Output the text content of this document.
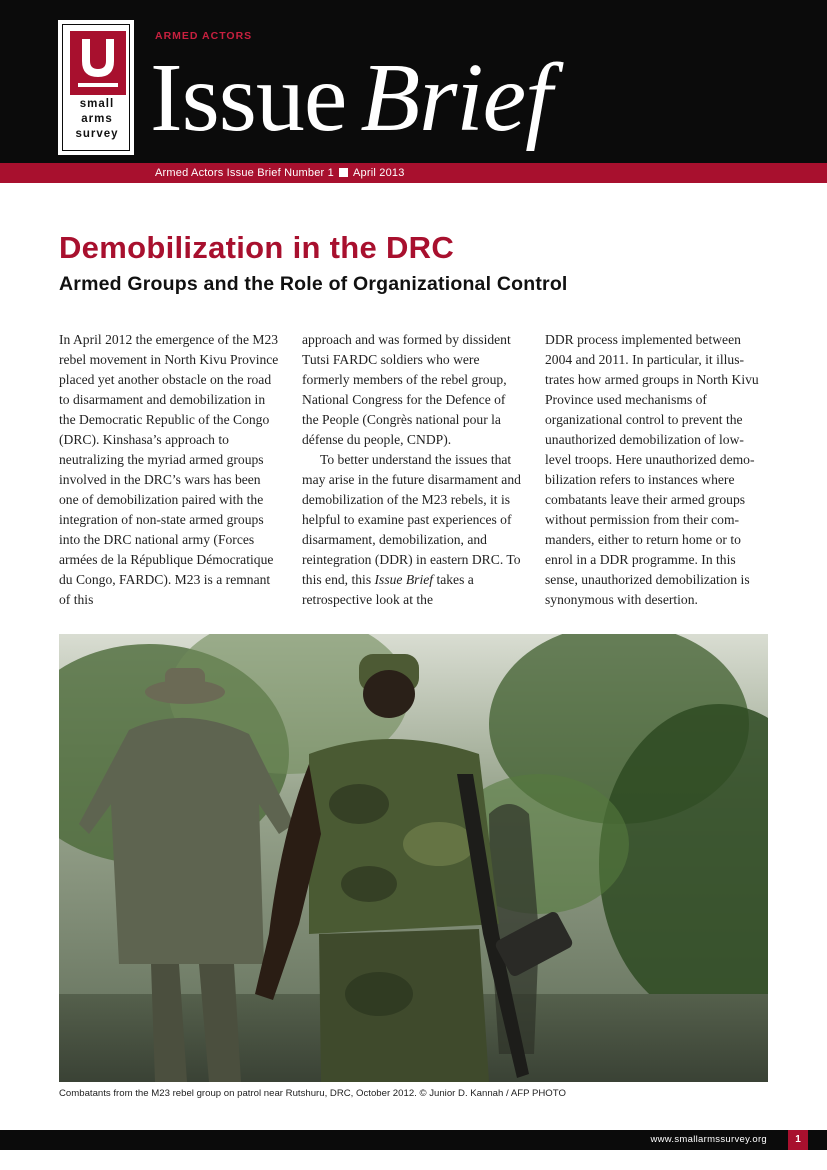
small
arms
survey
ARMED ACTORS
Issue Brief
Armed Actors Issue Brief Number 1 April 2013
Demobilization in the DRC
Armed Groups and the Role of Organizational Control

In April 2012 the emergence of the M23 rebel movement in North Kivu Province placed yet another obstacle on the road to disarmament and demobilization in the Democratic Republic of the Congo (DRC). Kinshasa’s approach to neutralizing the myriad armed groups involved in the DRC’s wars has been one of demobilization paired with the integration of non-state armed groups into the DRC national army (Forces armées de la République Démocratique du Congo, FARDC). M23 is a remnant of this

approach and was formed by dissident Tutsi FARDC soldiers who were formerly members of the rebel group, National Congress for the Defence of the People (Congrès national pour la défense du people, CNDP).

To better understand the issues that may arise in the future disarmament and demobilization of the M23 rebels, it is helpful to examine past experiences of disarmament, demobilization, and reintegration (DDR) in eastern DRC. To this end, this Issue Brief takes a retrospective look at the

DDR process implemented between 2004 and 2011. In particular, it illustrates how armed groups in North Kivu Province used mechanisms of organizational control to prevent the unauthorized demobilization of low-level troops. Here unauthorized demobilization refers to instances where combatants leave their armed groups without permission from their commanders, either to return home or to enrol in a DDR programme. In this sense, unauthorized demobilization is synonymous with desertion.

Combatants from the M23 rebel group on patrol near Rutshuru, DRC, October 2012. © Junior D. Kannah / AFP PHOTO
www.smallarmssurvey.org	1
